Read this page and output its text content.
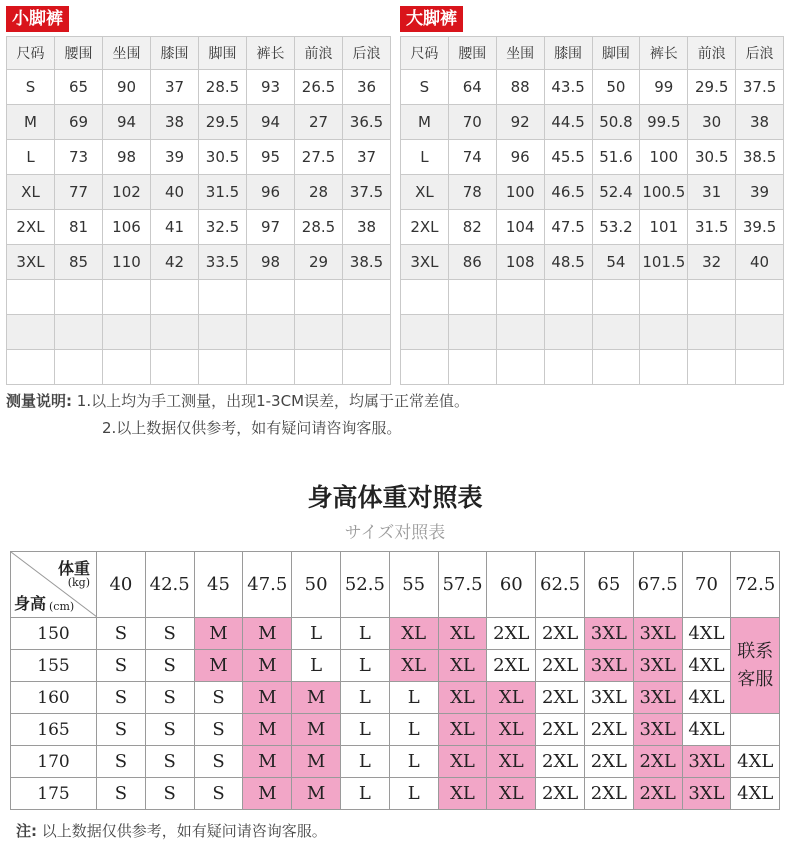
小脚裤
尺码	腰围	坐围	膝围	脚围	裤长	前浪	后浪
S	65	90	37	28.5	93	26.5	36
M	69	94	38	29.5	94	27	36.5
L	73	98	39	30.5	95	27.5	37
XL	77	102	40	31.5	96	28	37.5
2XL	81	106	41	32.5	97	28.5	38
3XL	85	110	42	33.5	98	29	38.5

大脚裤
尺码	腰围	坐围	膝围	脚围	裤长	前浪	后浪
S	64	88	43.5	50	99	29.5	37.5
M	70	92	44.5	50.8	99.5	30	38
L	74	96	45.5	51.6	100	30.5	38.5
XL	78	100	46.5	52.4	100.5	31	39
2XL	82	104	47.5	53.2	101	31.5	39.5
3XL	86	108	48.5	54	101.5	32	40

测量说明: 1.以上均为手工测量，出现1-3CM误差，均属于正常差值。
2.以上数据仅供参考，如有疑问请咨询客服。
身高体重对照表
サイズ对照表
体重
(kg)
身高 (cm)	40	42.5	45	47.5	50	52.5	55	57.5	60	62.5	65	67.5	70	72.5
150	S	S	M	M	L	L	XL	XL	2XL	2XL	3XL	3XL	4XL	联系
客服
155	S	S	M	M	L	L	XL	XL	2XL	2XL	3XL	3XL	4XL	
160	S	S	S	M	M	L	L	XL	XL	2XL	3XL	3XL	4XL	
165	S	S	S	M	M	L	L	XL	XL	2XL	2XL	3XL	4XL	
170	S	S	S	M	M	L	L	XL	XL	2XL	2XL	2XL	3XL	4XL
175	S	S	S	M	M	L	L	XL	XL	2XL	2XL	2XL	3XL	4XL
注: 以上数据仅供参考，如有疑问请咨询客服。
